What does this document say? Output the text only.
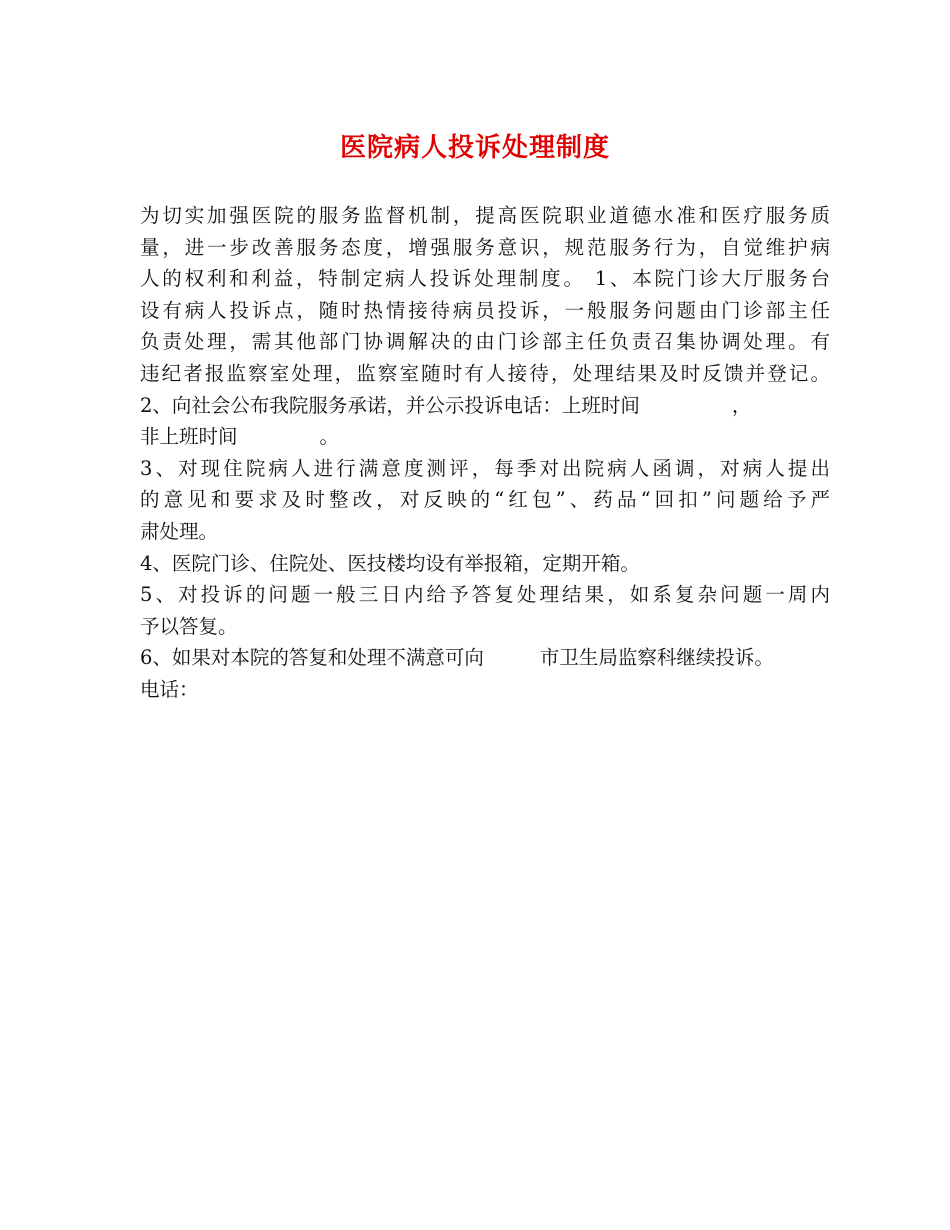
医院病人投诉处理制度
为切实加强医院的服务监督机制，提高医院职业道德水准和医疗服务质
量，进一步改善服务态度，增强服务意识，规范服务行为，自觉维护病
人的权利和利益，特制定病人投诉处理制度。 1、本院门诊大厅服务台
设有病人投诉点，随时热情接待病员投诉，一般服务问题由门诊部主任
负责处理，需其他部门协调解决的由门诊部主任负责召集协调处理。有
违纪者报监察室处理，监察室随时有人接待，处理结果及时反馈并登记。
2、向社会公布我院服务承诺，并公示投诉电话：上班时间	，
非上班时间	。
3、对现住院病人进行满意度测评，每季对出院病人函调，对病人提出
的意见和要求及时整改，对反映的“红包”、药品“回扣”问题给予严
肃处理。
4、医院门诊、住院处、医技楼均设有举报箱，定期开箱。
5、对投诉的问题一般三日内给予答复处理结果，如系复杂问题一周内
予以答复。
6、如果对本院的答复和处理不满意可向	市卫生局监察科继续投诉。
电话：
